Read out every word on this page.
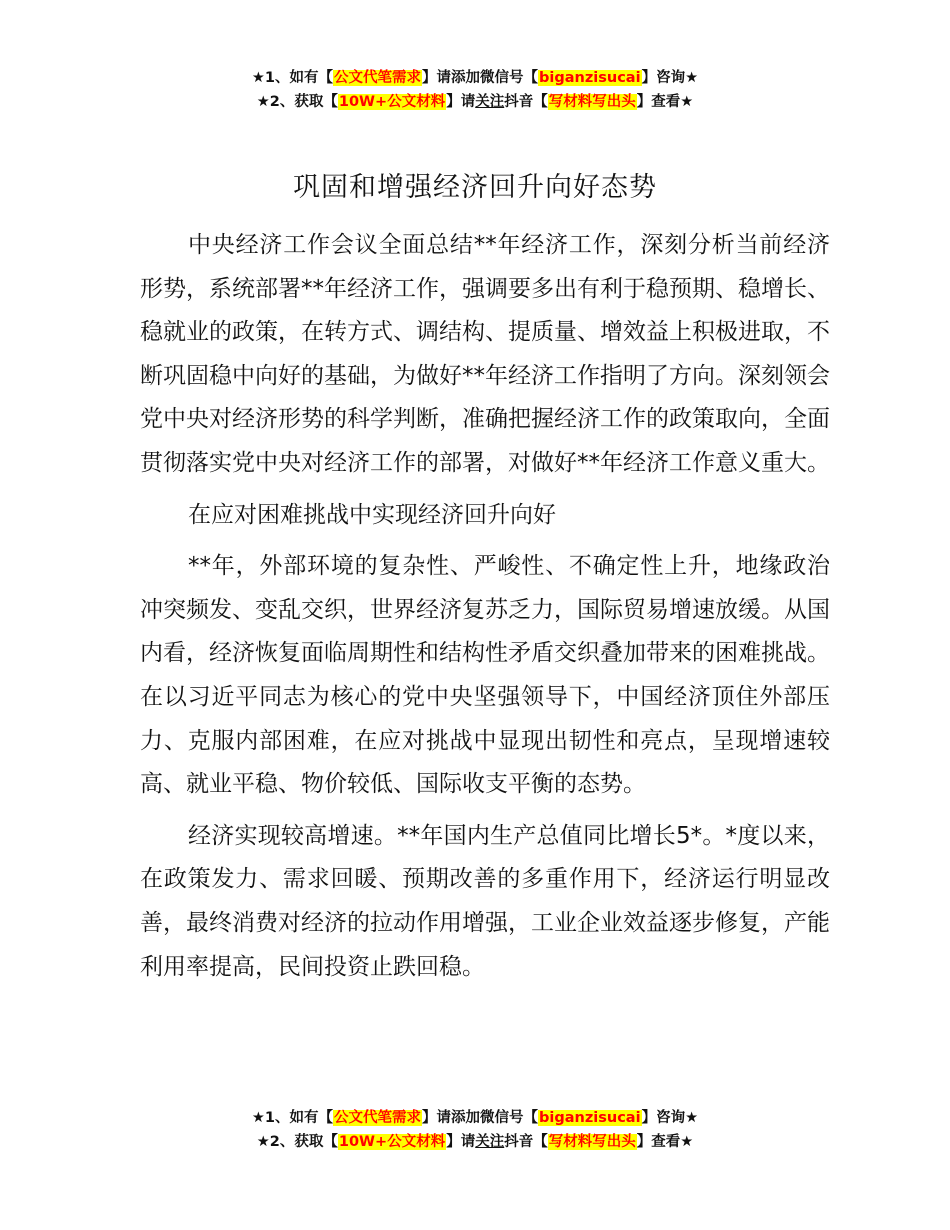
★1、如有【公文代笔需求】请添加微信号【biganzisucai】咨询★
★2、获取【10W+公文材料】请关注抖音【写材料写出头】查看★
巩固和增强经济回升向好态势

中央经济工作会议全面总结**年经济工作，深刻分析当前经济形势，系统部署**年经济工作，强调要多出有利于稳预期、稳增长、稳就业的政策，在转方式、调结构、提质量、增效益上积极进取，不断巩固稳中向好的基础，为做好**年经济工作指明了方向。深刻领会党中央对经济形势的科学判断，准确把握经济工作的政策取向，全面贯彻落实党中央对经济工作的部署，对做好**年经济工作意义重大。

在应对困难挑战中实现经济回升向好

**年，外部环境的复杂性、严峻性、不确定性上升，地缘政治冲突频发、变乱交织，世界经济复苏乏力，国际贸易增速放缓。从国内看，经济恢复面临周期性和结构性矛盾交织叠加带来的困难挑战。在以习近平同志为核心的党中央坚强领导下，中国经济顶住外部压力、克服内部困难，在应对挑战中显现出韧性和亮点，呈现增速较高、就业平稳、物价较低、国际收支平衡的态势。

经济实现较高增速。**年国内生产总值同比增长5*。*度以来，在政策发力、需求回暖、预期改善的多重作用下，经济运行明显改善，最终消费对经济的拉动作用增强，工业企业效益逐步修复，产能利用率提高，民间投资止跌回稳。

★1、如有【公文代笔需求】请添加微信号【biganzisucai】咨询★
★2、获取【10W+公文材料】请关注抖音【写材料写出头】查看★
